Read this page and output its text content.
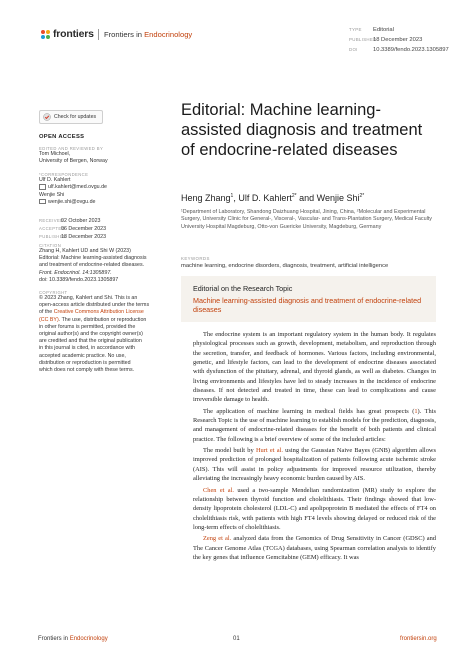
frontiers Frontiers in Endocrinology
TYPE Editorial
PUBLISHED18 December 2023
DOI	10.3389/fendo.2023.1305897
Check for updates
OPEN ACCESS
EDITED AND REVIEWED BY
Tom Michoel,
University of Bergen, Norway
*CORRESPONDENCE
Ulf D. Kahlert
ulf.kahlert@med.ovgu.de
Wenjie Shi
wenjie.shi@ovgu.de
RECEIVED02 October 2023
ACCEPTED06 December 2023
PUBLISHED18 December 2023
CITATION
Zhang H, Kahlert UD and Shi W (2023)
Editorial: Machine learning-assisted diagnosis
and treatment of endocrine-related diseases.
Front. Endocrinol. 14:1305897.
doi: 10.3389/fendo.2023.1305897
COPYRIGHT
© 2023 Zhang, Kahlert and Shi. This is an
open-access article distributed under the terms
of the Creative Commons Attribution License
(CC BY). The use, distribution or reproduction
in other forums is permitted, provided the
original author(s) and the copyright owner(s)
are credited and that the original publication
in this journal is cited, in accordance with
accepted academic practice. No use,
distribution or reproduction is permitted
which does not comply with these terms.
Editorial: Machine learning-assisted diagnosis and treatment of endocrine-related diseases
Heng Zhang$^1$, Ulf D. Kahlert$^{2*}$ and Wenjie Shi$^{2*}$
¹Department of Laboratory, Shandong Daizhuang Hospital, Jining, China, ²Molecular and Experimental Surgery, University Clinic for General-, Visceral-, Vascular- and Trans-Plantation Surgery, Medical Faculty University Hospital Magdeburg, Otto-von Guericke University, Magdeburg, Germany
KEYWORDS
machine learning, endocrine disorders, diagnosis, treatment, artificial intelligence
Editorial on the Research Topic
Machine learning-assisted diagnosis and treatment of endocrine-related diseases

The endocrine system is an important regulatory system in the human body. It regulates physiological processes such as growth, development, metabolism, and reproduction through the secretion, transfer, and feedback of hormones. Various factors, including environmental, genetic, and lifestyle factors, can lead to the development of endocrine diseases associated with dysfunction of the pituitary, adrenal, and thyroid glands, as well as diabetes. Changes in living environments and lifestyles have led to steady increases in the incidence of endocrine diseases. If not detected and treated in time, these can lead to complications and cause irreversible damage to health.

The application of machine learning in medical fields has great prospects (1). This Research Topic is the use of machine learning to establish models for the prediction, diagnosis, and management of endocrine-related diseases for the benefit of both patients and clinical practice. The following is a brief overview of some of the included articles:

The model built by Hurt et al. using the Gaussian Naive Bayes (GNB) algorithm allows improved prediction of prolonged hospitalization of patients following acute ischemic stroke (AIS). This will assist in policy adjustments for improved resource utilization, thereby alleviating the increasingly heavy economic burden caused by AIS.

Chen et al. used a two-sample Mendelian randomization (MR) study to explore the relationship between thyroid function and cholelithiasis. Their findings showed that low-density lipoprotein cholesterol (LDL-C) and apolipoprotein B mediated the effects of FT4 on cholelithiasis risk, with patients with high FT4 levels showing delayed or reduced risk of the long-term effects of cholelithiasis.

Zeng et al. analyzed data from the Genomics of Drug Sensitivity in Cancer (GDSC) and The Cancer Genome Atlas (TCGA) databases, using Spearman correlation analysis to identify the key genes that influence Gemcitabine (GEM) efficacy. It was

Frontiers in Endocrinology	01	frontiersin.org
